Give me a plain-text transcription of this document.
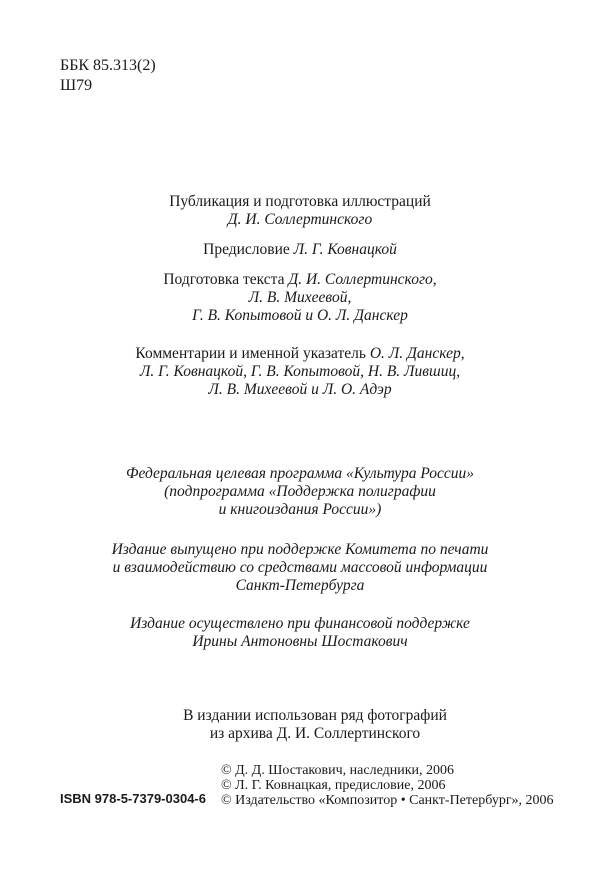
ББК 85.313(2)
Ш79
Публикация и подготовка иллюстраций
Д. И. Соллертинского
Предисловие Л. Г. Ковнацкой
Подготовка текста Д. И. Соллертинского,
Л. В. Михеевой,
Г. В. Копытовой и О. Л. Данскер
Комментарии и именной указатель О. Л. Данскер,
Л. Г. Ковнацкой, Г. В. Копытовой, Н. В. Лившиц,
Л. В. Михеевой и Л. О. Адэр
Федеральная целевая программа «Культура России»
(подпрограмма «Поддержка полиграфии
и книгоиздания России»)
Издание выпущено при поддержке Комитета по печати
и взаимодействию со средствами массовой информации
Санкт-Петербурга
Издание осуществлено при финансовой поддержке
Ирины Антоновны Шостакович
В издании использован ряд фотографий
из архива Д. И. Соллертинского
ISBN 978-5-7379-0304-6
© Д. Д. Шостакович, наследники, 2006
© Л. Г. Ковнацкая, предисловие, 2006
© Издательство «Композитор • Санкт-Петербург», 2006
